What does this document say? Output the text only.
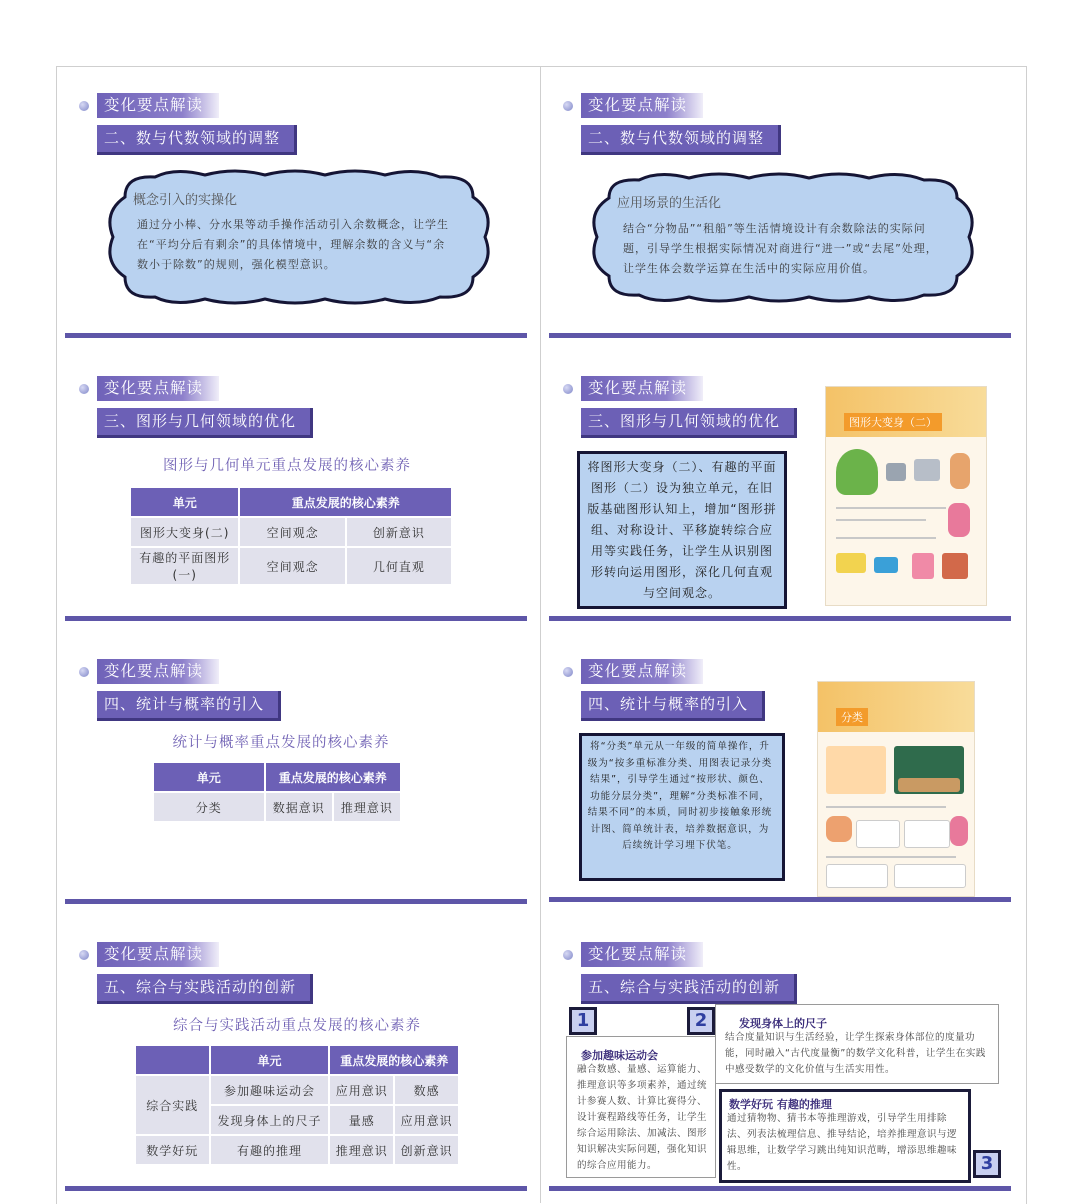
变化要点解读
二、数与代数领域的调整
概念引入的实操化
通过分小棒、分水果等动手操作活动引入余数概念，让学生在“平均分后有剩余”的具体情境中，理解余数的含义与“余数小于除数”的规则，强化模型意识。
变化要点解读
二、数与代数领域的调整
应用场景的生活化
结合“分物品”“租船”等生活情境设计有余数除法的实际问题，引导学生根据实际情况对商进行“进一”或“去尾”处理，让学生体会数学运算在生活中的实际应用价值。
变化要点解读
三、图形与几何领域的优化
图形与几何单元重点发展的核心素养
单元	重点发展的核心素养	
图形大变身(二)	空间观念	创新意识
有趣的平面图形(一)	空间观念	几何直观
变化要点解读
三、图形与几何领域的优化
将图形大变身（二）、有趣的平面图形（二）设为独立单元，在旧版基础图形认知上，增加“图形拼组、对称设计、平移旋转综合应用等实践任务，让学生从识别图形转向运用图形，深化几何直观与空间观念。
图形大变身（二）
变化要点解读
四、统计与概率的引入
统计与概率重点发展的核心素养
单元	重点发展的核心素养	
分类	数据意识	推理意识
变化要点解读
四、统计与概率的引入
将“分类”单元从一年级的简单操作，升级为“按多重标准分类、用图表记录分类结果”，引导学生通过“按形状、颜色、功能分层分类”，理解“分类标准不同，结果不同”的本质，同时初步接触象形统计图、简单统计表，培养数据意识，为后续统计学习埋下伏笔。
分类
变化要点解读
五、综合与实践活动的创新
综合与实践活动重点发展的核心素养
	单元	重点发展的核心素养	
综合实践	参加趣味运动会	应用意识	数感
	发现身体上的尺子	量感	应用意识
数学好玩	有趣的推理	推理意识	创新意识
变化要点解读
五、综合与实践活动的创新
1
参加趣味运动会
融合数感、量感、运算能力、推理意识等多项素养，通过统计参赛人数、计算比赛得分、设计赛程路线等任务，让学生综合运用除法、加减法、图形知识解决实际问题，强化知识的综合应用能力。
2	发现身体上的尺子
结合度量知识与生活经验，让学生探索身体部位的度量功能，同时融入“古代度量衡”的数学文化科普，让学生在实践中感受数学的文化价值与生活实用性。
数学好玩 有趣的推理
通过猜物物、猜书本等推理游戏，引导学生用排除法、列表法梳理信息、推导结论，培养推理意识与逻辑思维，让数学学习跳出纯知识范畴，增添思维趣味性。	3
